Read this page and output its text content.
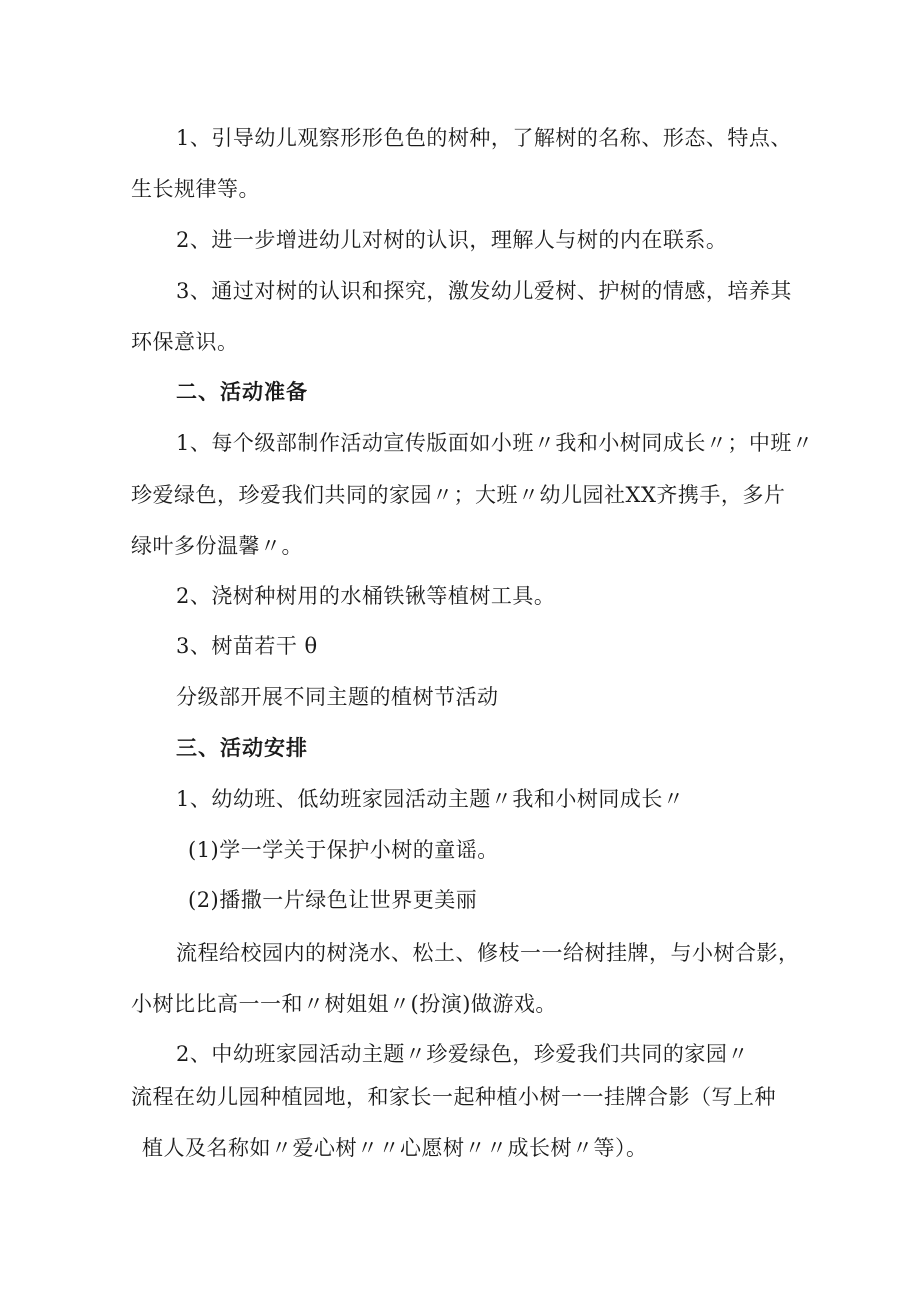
1、引导幼儿观察形形色色的树种，了解树的名称、形态、特点、
生长规律等。
2、进一步增进幼儿对树的认识，理解人与树的内在联系。
3、通过对树的认识和探究，激发幼儿爱树、护树的情感，培养其
环保意识。
二、活动准备
1、每个级部制作活动宣传版面如小班〃我和小树同成长〃；中班〃
珍爱绿色，珍爱我们共同的家园〃；大班〃幼儿园社XX齐携手，多片
绿叶多份温馨〃。
2、浇树种树用的水桶铁锹等植树工具。
3、树苗若干 θ
分级部开展不同主题的植树节活动
三、活动安排
1、幼幼班、低幼班家园活动主题〃我和小树同成长〃
(1)学一学关于保护小树的童谣。
(2)播撒一片绿色让世界更美丽
流程给校园内的树浇水、松土、修枝一一给树挂牌，与小树合影，
小树比比高一一和〃树姐姐〃(扮演)做游戏。
2、中幼班家园活动主题〃珍爱绿色，珍爱我们共同的家园〃
流程在幼儿园种植园地，和家长一起种植小树一一挂牌合影（写上种
植人及名称如〃爱心树〃〃心愿树〃〃成长树〃等）。
